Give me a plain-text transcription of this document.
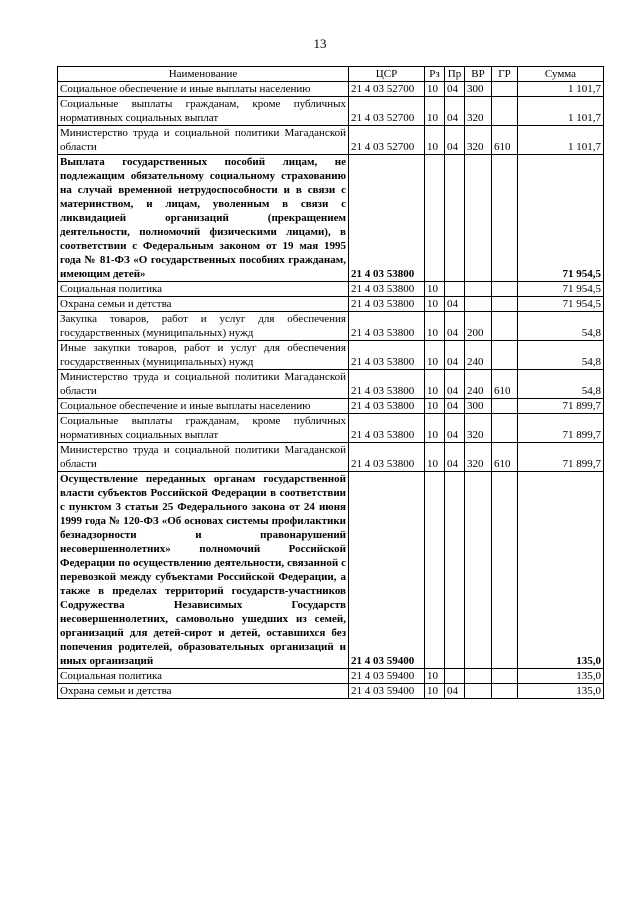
13
Наименование	ЦСР	Рз	Пр	ВР	ГР	Сумма
Социальное обеспечение и иные выплаты населению	21 4 03 52700	10	04	300		1 101,7
Социальные выплаты гражданам, кроме публичных нормативных социальных выплат	21 4 03 52700	10	04	320		1 101,7
Министерство труда и социальной политики Магаданской области	21 4 03 52700	10	04	320	610	1 101,7
Выплата государственных пособий лицам, не подлежащим обязательному социальному страхованию на случай временной нетрудоспособности и в связи с материнством, и лицам, уволенным в связи с ликвидацией организаций (прекращением деятельности, полномочий физическими лицами), в соответствии с Федеральным законом от 19 мая 1995 года № 81-ФЗ «О государственных пособиях гражданам, имеющим детей»	21 4 03 53800					71 954,5
Социальная политика	21 4 03 53800	10				71 954,5
Охрана семьи и детства	21 4 03 53800	10	04			71 954,5
Закупка товаров, работ и услуг для обеспечения государственных (муниципальных) нужд	21 4 03 53800	10	04	200		54,8
Иные закупки товаров, работ и услуг для обеспечения государственных (муниципальных) нужд	21 4 03 53800	10	04	240		54,8
Министерство труда и социальной политики Магаданской области	21 4 03 53800	10	04	240	610	54,8
Социальное обеспечение и иные выплаты населению	21 4 03 53800	10	04	300		71 899,7
Социальные выплаты гражданам, кроме публичных нормативных социальных выплат	21 4 03 53800	10	04	320		71 899,7
Министерство труда и социальной политики Магаданской области	21 4 03 53800	10	04	320	610	71 899,7
Осуществление переданных органам государственной власти субъектов Российской Федерации в соответствии с пунктом 3 статьи 25 Федерального закона от 24 июня 1999 года № 120-ФЗ «Об основах системы профилактики безнадзорности и правонарушений несовершеннолетних» полномочий Российской Федерации по осуществлению деятельности, связанной с перевозкой между субъектами Российской Федерации, а также в пределах территорий государств-участников Содружества Независимых Государств несовершеннолетних, самовольно ушедших из семей, организаций для детей-сирот и детей, оставшихся без попечения родителей, образовательных организаций и иных организаций	21 4 03 59400					135,0
Социальная политика	21 4 03 59400	10				135,0
Охрана семьи и детства	21 4 03 59400	10	04			135,0
